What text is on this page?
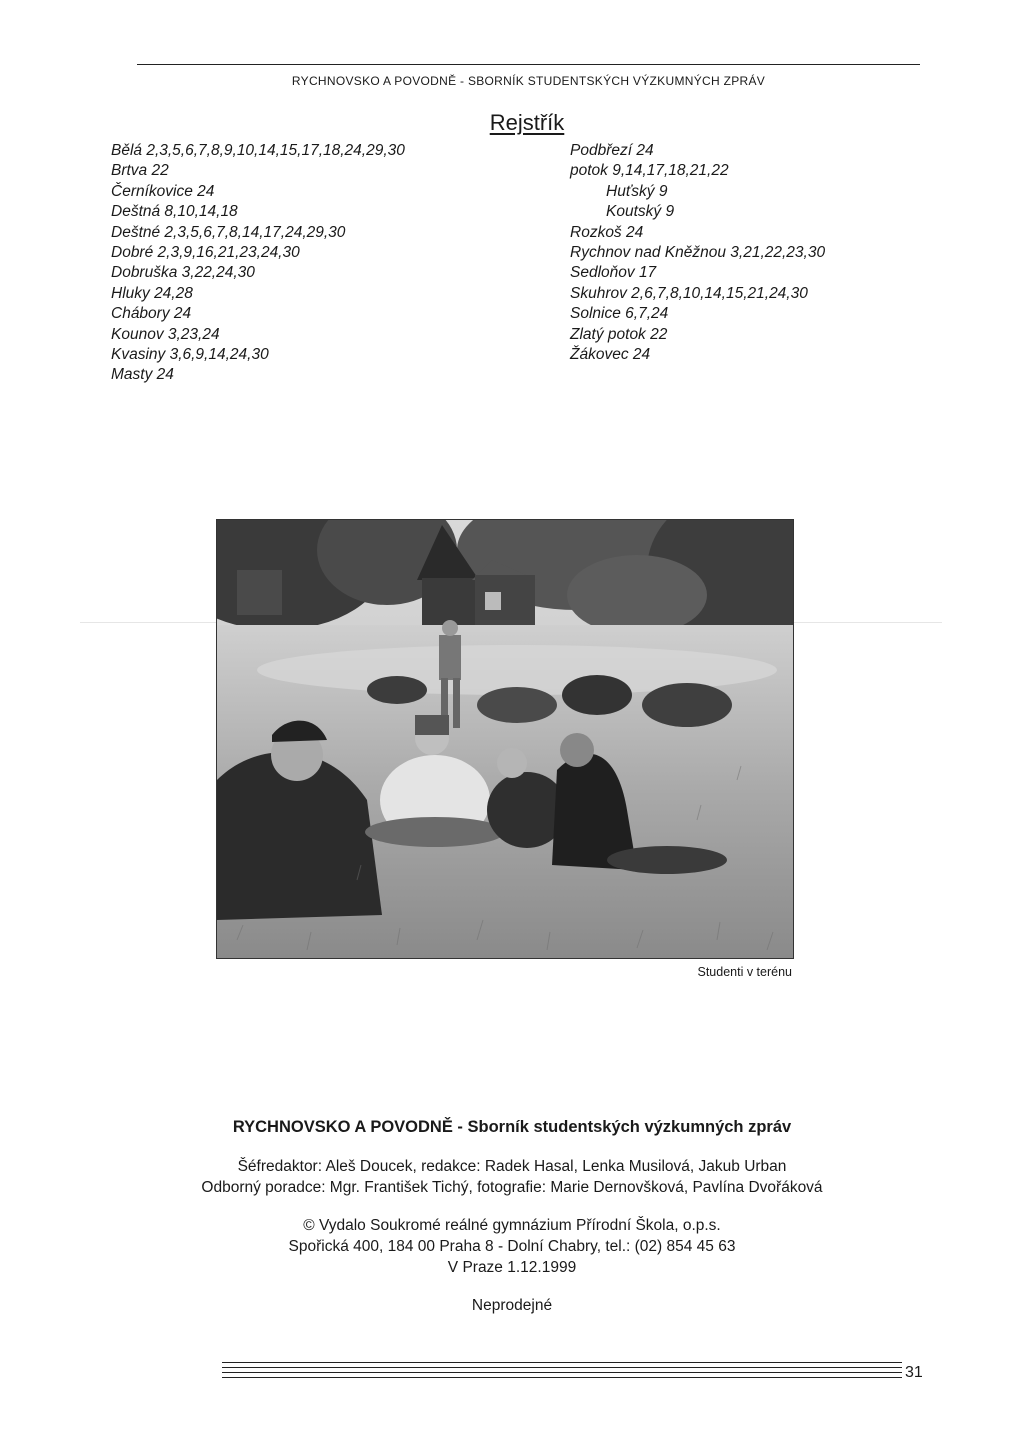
RYCHNOVSKO A POVODNĚ - SBORNÍK STUDENTSKÝCH VÝZKUMNÝCH ZPRÁV
Rejstřík
Bělá 2,3,5,6,7,8,9,10,14,15,17,18,24,29,30
Brtva 22
Černíkovice 24
Deštná 8,10,14,18
Deštné 2,3,5,6,7,8,14,17,24,29,30
Dobré 2,3,9,16,21,23,24,30
Dobruška 3,22,24,30
Hluky 24,28
Chábory 24
Kounov 3,23,24
Kvasiny 3,6,9,14,24,30
Masty 24
Podbřezí 24
potok 9,14,17,18,21,22
Huťský 9
Koutský 9
Rozkoš 24
Rychnov nad Kněžnou 3,21,22,23,30
Sedloňov 17
Skuhrov 2,6,7,8,10,14,15,21,24,30
Solnice 6,7,24
Zlatý potok 22
Žákovec 24
Studenti v terénu
RYCHNOVSKO A POVODNĚ - Sborník studentských výzkumných zpráv
Šéfredaktor: Aleš Doucek, redakce: Radek Hasal, Lenka Musilová, Jakub Urban
Odborný poradce: Mgr. František Tichý, fotografie: Marie Dernovšková, Pavlína Dvořáková
© Vydalo Soukromé reálné gymnázium Přírodní Škola, o.p.s.
Spořická 400, 184 00 Praha 8 - Dolní Chabry, tel.: (02) 854 45 63
V Praze 1.12.1999
Neprodejné
31
